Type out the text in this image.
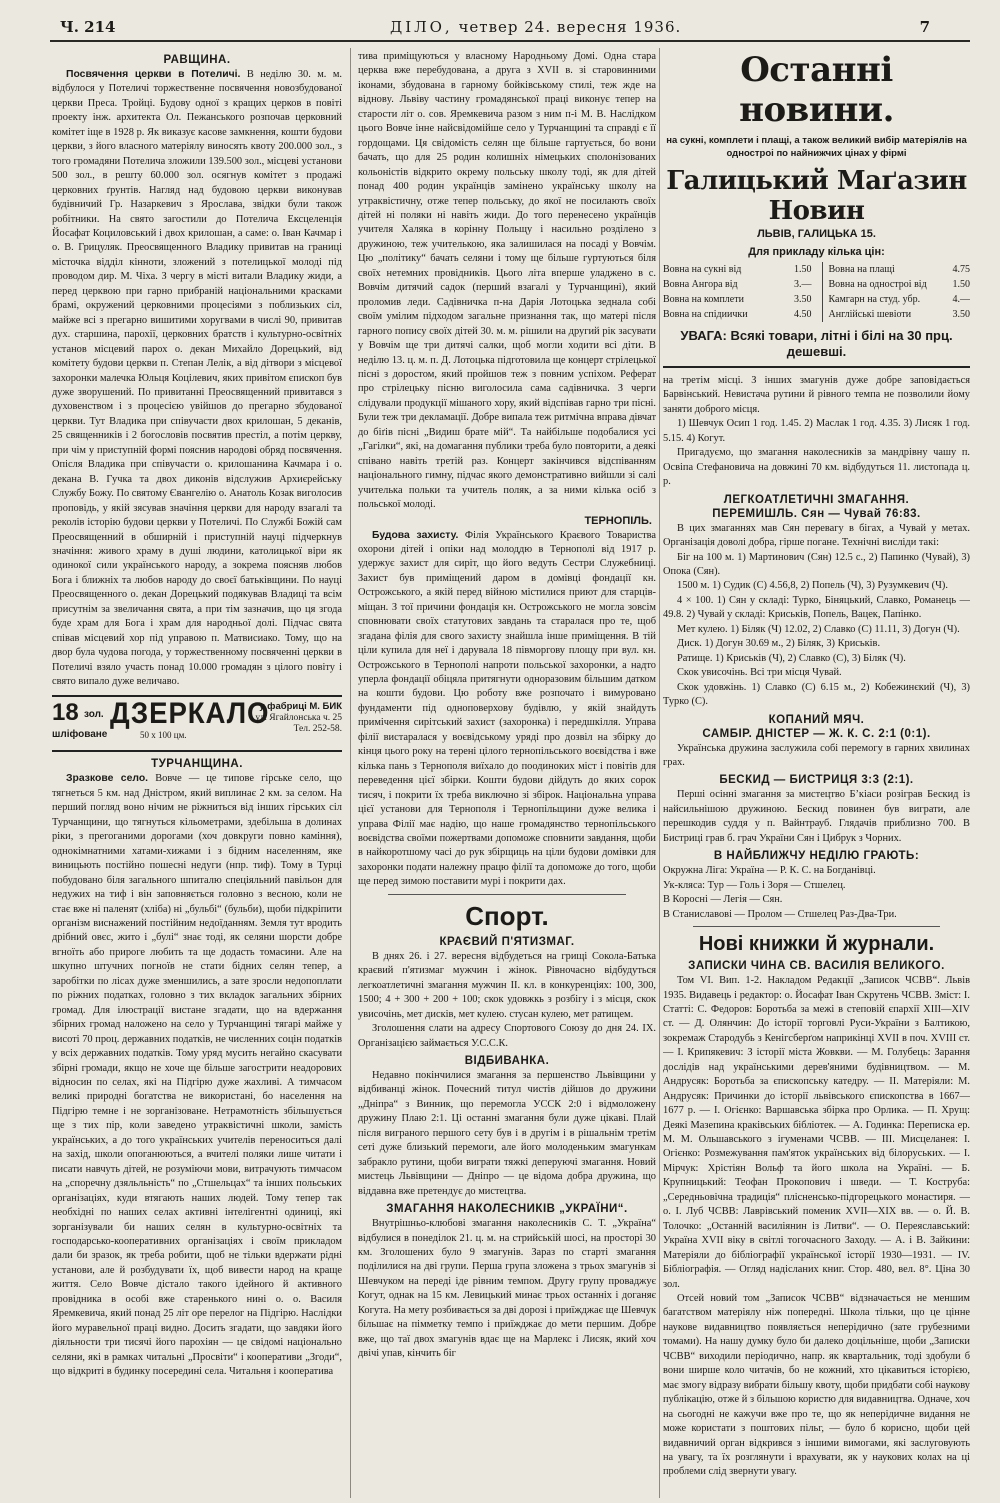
Ч. 214	ДІЛО, четвер 24. вересня 1936.	7
РАВЩИНА.

Посвячення церкви в Потеличі. В неділю 30. м. м. відбулося у Потеличі торжественне посвячення новозбудованої церкви Преса. Тройці. Будову одної з кращих церков в повіті проекту інж. архитекта Ол. Пежанського розпочав церковний комітет іще в 1928 р. Як виказує касове замкнення, кошти будови церкви, з його власного матеріялу виносять квоту 200.000 зол., з того громадяни Потелича зложили 139.500 зол., місцеві установи 500 зол., в решту 60.000 зол. осягнув комітет з продажі церковних ґрунтів. Нагляд над будовою церкви виконував будівничий Гр. Назаркевич з Ярослава, звідки були також робітники. На свято загостили до Потелича Ексцеленція Йосафат Коцилoвський і двох крилошан, а саме: о. Іван Качмар і о. В. Грицуляк. Преосвященного Владику привитав на границі місточка відділ кінноти, зложений з потелицької молоді під проводом дир. М. Чіха. З чергу в місті витали Владику жиди, а перед церквою при гарно прибраній національними красками брамі, окружений церковними процесіями з поблизьких сіл, майже всі з прегарно вишитими хоругвами в числі 90, привитав дух. старшина, парохії, церковних братств і культурно-освітніх установ місцевий парох о. декан Михайло Дорецький, від комітету будови церкви п. Степан Лелік, а від дітвори з місцевої захоронки малечка Юльця Коцілевич, яких привітом єпископ був дуже зворушений. По привитанні Преосвященний привитався з духовенством і з процесією увійшов до прегарно збудованої церкви. Тут Владика при співучасти двох крилошан, 5 деканів, 25 священників і 2 богословів посвятив престіл, а потім церкву, при чім у приступній формі пояснив народові обряд посвячення. Опісля Владика при співучасти о. крилошанина Качмара і о. декана В. Гучка та двох диконів відслужив Архиєрейську Службу Божу. По святому Євангелію о. Анатоль Козак виголосив проповідь, у якій зясував значіння церкви для народу взагалі та реколів історію будови церкви у Потеличі. По Службі Божій сам Преосвященний в обширній і приступній науці підчеркнув значіння: живого храму в душі людини, католицької віри як одинокої сили українського народу, а зокрема поясняв любов Бога і ближніх та любов народу до своєї батьківщини. По науці Преосвященного о. декан Дорецький подякував Владиці та всім присутнім за звеличання свята, а при тім зазначив, що ця згода буде храм для Бога і храм для народньої долі. Підчас свята співав місцевий хор під управою п. Матвисиако. Тому, що на двор була чудова погода, у торжественному посвяченні церкви в Потеличі взяло участь понад 10.000 громадян з цілого повіту і свято випало дуже величаво.

18 зол. ДЗЕРКАЛО
шліфоване	50 x 100 цм.
у фабриці М. БИК
ул. Ягайлонська ч. 25
Тел. 252-58.
ТУРЧАНЩИНА.

Зразкове село. Вовче — це типове гірське село, що тягнеться 5 км. над Дністром, який виплинає 2 км. за селом. На перший погляд воно нічим не ріжниться від інших гірських сіл Турчанщини, що тягнуться кільометрами, здебільша в долинах ріки, з прегоганими дорогами (хоч довкруги повно каміння), однокімнатними хатами-хижами і з бідним населенням, яке виницьють постійно пошесні недуги (нпр. тиф). Тому в Турці побудовано біля загального шпиталю спеціяльний павільон для недужих на тиф і він заповняється головно з весною, коли не стає вже ні паленят (хліба) ні „бульбі“ (бульби), щоби підкріпити організм виснажений постійним недоїданням. Земля тут вродить дрібний овєс, жито і „булі“ знає тоді, як селяни шорсти добре вгноїть або прироге любить та ще додасть томасини. Але на шкупно штучних погноїв не стати бідних селян тепер, а заробітки по лісах дуже зменшились, а зате зросли недопоплати по ріжних податках, головно з тих вкладок загальних збірних громад. Для ілюстрації вистане згадати, що на вдержання збірних громад наложено на село у Турчанщині тягарі майже у висоті 70 проц. державних податків, не численних соцін податків у всіх державних податків. Тому уряд мусить негайно скасувати збірні громади, якщо не хоче ще більше загострити неадорових відносин по селах, які на Підгірю дуже жахливі. А тимчасом великі природні богатства не використані, бо населення на Підгірю темне і не зорганізоване. Нетрамотність збільшується ще з тих пір, коли заведено утраквістичні школи, замість українських, а до того українських учителів переноситься далі на захід, школи опоганюються, а вчителі поляки лише читати і писати навчуть дітей, не розуміючи мови, витрачують тимчасом на „споречну дзяльльність“ по „Стшельцах“ та інших польських організаціях, куди втягають наших людей. Тому тепер так необхідні по наших селах активні інтелігентні одиниці, які зорганізували би наших селян в культурно-освітніх та господарсько-кооперативних організаціях і своїм прикладом дали би зразок, як треба робити, щоб не тільки вдержати рідні установи, але й розбудувати їх, щоб вивести народ на краще життя. Село Вовче дістало такого ідейного й активного провідника в особі вже старенького нині о. о. Василя Яремкевича, який понад 25 літ оре перелог на Підгірю. Наслідки його муравельної праці видно. Досить згадати, що завдяки його діяльности три тисячі його парохіян — це свідомі національно селяни, які в рамках читальні „Просвіти“ і кооперативи „Згоди“, що відкриті в будинку посередині села. Читальня і кооператива

тива приміщуються у власному Народньому Домі. Одна стара церква вже перебудована, а друга з XVII в. зі старовинними іконами, збудована в гарному бойківському стилі, теж жде на відновy. Львіву частину громадянської праці виконує тепер на старости літ о. сов. Яремкевича разом з ним п-і М. В. Наслідком цього Вовче інне найсвідомійше село у Турчанщині та справді є її гордощами. Ця свідомість селян ще більше гартується, бо вони бачать, що для 25 родин колишніх німецьких сполонізованих кольоністів відкрито окрему польську школу тоді, як для дітей понад 400 родин українців замінено українську школу на утраквістичну, отже тепер польську, до якої не посилають своїх дітей ні поляки ні навіть жиди. До того перенесено українців учителя Халяка в корінну Польщу і насильно розділено з дружиною, теж учителькою, яка залишилася на посаді у Вовчім. Цю „політику“ бачать селяни і тому ще більше гуртуються біля своїх нетемних провідників. Цього літа вперше уладжено в с. Вовчім дитячий садок (перший взагалі у Турчанщині), який проломив леди. Садівничка п-на Дарія Лотоцька зеднала собі своїм умілим підходом загальне признання так, що матері після гарного попису своїх дітей 30. м. м. рішили на другий рік засувати у Вовчім ще три дитячі салки, щоб могли ходити всі діти. В неділю 13. ц. м. п. Д. Лотоцька підготовила ще концерт стрілецької пісні з доростом, який пройшов теж з повним успіхом. Реферат про стрілецьку пісню виголосила сама садівничка. З черги слідували продукції мішаного хору, який відспівав гарно три пісні. Були теж три декламації. Добре випала теж ритмічна вправа дівчат до біґів пісні „Видиш брате мій“. Та найбільше подобалися усі „Гагілки“, які, на домагання публики треба було повторити, а деякі співано навіть третій раз. Концерт закінчився відспіванням національного гимну, підчас якого демонстративно вийшли зі салі учителька польки та учитель поляк, а за ними кілька осіб з польської молоді.

ТЕРНОПІЛЬ.

Будова захисту. Філія Українського Краєвого Товариства охорони дітей і опіки над молоддю в Тернополі від 1917 р. удержує захист для сиріт, що його ведуть Сестри Служебниці. Захист був приміщений даром в домівці фондації кн. Острожського, а якій перед війною містилися приют для старців-міщан. З тої причини фондація кн. Острожського не могла зовсім сповнювати своїх статутових завдань та старалася про те, щоб згадана філія для свого захисту знайшла інше приміщення. В тій ціли купила для неї і дарувала 18 півморгову площу при вул. кн. Острожського в Тернополі напроти польської захоронки, а надто уперла фондації обіцяла притягнути одноразовим більшим датком на кошти будови. Цю роботу вже розпочато і вимуровано фундаменти під одноповерховy будівлю, у якій знайдуть примічення сирітський захист (захоронка) і передшкілля. Управа філії вистаралася у воєвідському уряді про дозвіл на збірку до кінця цього року на терені цілого тернопільського воєвідства і вже кілька пань з Тернополя виїхало до поодиноких міст і повітів для переведення цієї збірки. Кошти будови дійдуть до яких сорок тисяч, і покрити їх треба виключно зі збірок. Національна управа цієї установи для Тернополя і Тернопільщини дуже велика і управа Філії має надію, що наше громадянство тернопільського воєвідства своїми пожертвами допоможе сповнити завдання, щоби в найкоротшому часі до рук збірщиць на ціли будови домівки для захоронки подати належну працю філії та допоможе до того, щоби ще перед зимою поставити мурі і покрити дах.

Спорт.
КРАЄВИЙ П'ЯТИЗМАГ.

В днях 26. і 27. вересня відбудеться на грищі Сокола-Батька краєвий п'ятизмаг мужчин і жінок. Рівночасно відбудуться легкоатлетичні змагання мужчин II. кл. в конкуренціях: 100, 300, 1500; 4 + 300 + 200 + 100; скок удовжкь з розбігу і з місця, скок увисочінь, мет дисків, мет кулею. стусан кулею, мет ратищем.

Зголошення слати на адресу Спортового Союзу до дня 24. IX. Організацією займається У.С.С.К.

ВІДБИВАНКА.

Недавно покінчилися змагання за першенство Львівщини у відбиванці жінок. Почесний титул чистів дійшов до дружини „Дніпра“ з Винник, що перемогла УССК 2:0 і відмоложену дружину Плаю 2:1. Ці останні змагання були дуже цікаві. Плай після виграного першого сету був і в другім і в рішальнім третім сеті дуже близький перемоги, але його молоденьким змагункам забракло рутини, щоби виграти тяжкі деперуючі змагання. Новий мистець Львівщини — Дніпро — це відома добра дружина, що віддавна вже претендує до мистецтва.

ЗМАГАННЯ НАКОЛЕСНИКІВ „УКРАЇНИ“.

Внутрішньо-клюбові змагання наколесників С. Т. „Україна“ відбулися в понеділок 21. ц. м. на стрийській шосі, на просторі 30 км. Зголошених було 9 змагунів. Зараз по старті змагання поділилися на дві групи. Перша група зложена з трьох змагунів зі Шевчуком на переді іде рівним темпом. Другу групу проваджує Когут, однак на 15 км. Левицький минає трьох останніх і доганяє Когута. На мету розбивається за дві дорозі і приїжджає ще Шевчук більшає на пімметку темпо і приїжджає до мети першим. Добре вже, що таї двох змагунів вдає ще на Марлекс і Лисяк, який хоч двічі упав, кінчить біг

Останні новини.
на сукні, комплети і плащі, а також великий вибір матеріялів на одностроі по найнижчих цінах у фірмі
Галицький Маґазин Новин
ЛЬВІВ, ГАЛИЦЬКА 15.
Для прикладу кілька цін:
Вовна на сукні від	1.50
Вовна Ангора від	3.—
Вовна на комплети	3.50
Вовна на спідиички	4.50
Вовна на плащі	4.75
Вовна на одностроі від	1.50
Камгарн на студ. убр.	4.—
Англійські шевіоти	3.50
УВАГА: Всякі товари, літні і білі на 30 прц. дешевші.

на третім місці. З інших змагунів дуже добре заповідається Барвінський. Невистача рутини й рівного темпа не позволили йому заняти доброго місця.

1) Шевчук Осип 1 год. 1.45. 2) Маслак 1 год. 4.35. 3) Лисяк 1 год. 5.15. 4) Когут.

Пригадуємо, що змагання наколесників за мандрівну чашу п. Освіпа Стефановича на довжині 70 км. відбудуться 11. листопада ц. р.

ЛЕГКОАТЛЕТИЧНІ ЗМАГАННЯ.
ПЕРЕМИШЛЬ. Сян — Чувай 76:83.

В цих змаганнях мав Сян перевагу в бігах, а Чувай у метах. Організація доволі добра, гірше погане. Технічні вислiди такі:

Біг на 100 м. 1) Мартинович (Сян) 12.5 с., 2) Папинко (Чувай), 3) Опока (Сян).

1500 м. 1) Судик (С) 4.56,8, 2) Попель (Ч), 3) Рузумкевич (Ч).

4 × 100. 1) Сян у складі: Турко, Біняцький, Славко, Романець — 49.8. 2) Чувай у складі: Криськів, Попель, Вацек, Папінко.

Мет кулею. 1) Біляк (Ч) 12.02, 2) Славко (С) 11.11, 3) Догун (Ч).

Диск. 1) Догун 30.69 м., 2) Біляк, 3) Криськів.

Ратище. 1) Криськів (Ч), 2) Славко (С), 3) Біляк (Ч).

Скок увисочінь. Всі три місця Чувай.

Скок удовжінь. 1) Славко (С) 6.15 м., 2) Кобежинєкий (Ч), 3) Турко (С).

КОПАНИЙ МЯЧ.
САМБІР. ДНІСТЕР — Ж. К. С. 2:1 (0:1).

Українська дружина заслужила собі перемогу в гарних хвилинах грах.

БЕСКИД — БИСТРИЦЯ 3:3 (2:1).

Перші осінні змагання за мистецтво Б’кіаси розіграв Бескид із найсильнішою дружиною. Бескид повинен був виграти, але перешкодив суддя у п. Вайнтрауб. Глядачів приблизно 700. В Бистриці грав б. грач України Сян і Цибрук з Чорних.

В НАЙБЛИЖЧУ НЕДІЛЮ ГРАЮТЬ:

Окружна Ліга: Україна — Р. К. С. на Богданівці.

Ук-клясa: Тур — Голь і Зоря — Стшелец.

В Коросні — Легія — Сян.

В Станиславові — Пролом — Стшелец Раз-Два-Три.

Нові книжки й журнали.
ЗАПИСКИ ЧИНА СВ. ВАСИЛІЯ ВЕЛИКОГО.

Том VI. Вип. 1-2. Накладом Редакції „Записок ЧСВВ“. Львів 1935. Видавець і редактор: о. Йосафат Іван Скрутень ЧСВВ. Зміст: I. Статті: С. Федоров: Боротьба за межі в степовій єпархії XIII—XIV ст. — Д. Олянчин: До історії торговлі Руси-України з Балтикою, зокремаж Стародубь з Кенігсберґом наприкінці XVII в поч. XVIII ст. — I. Крипякевич: З історії міста Жовкви. — М. Голубець: Зарання дослідів над українськими дерев'яними будівництвом. — М. Андрусяк: Боротьба за єпископську катедру. — II. Матеріяли: М. Андрусяк: Причинки до історії львівського єпископства в 1667—1677 р. — I. Огієнко: Варшавська збірка про Орлика. — П. Хрущ: Деякі Мазепина краківських бібліотек. — А. Годинка: Переписка ep. М. М. Ольшавського з ігуменами ЧСВВ. — III. Мисцеланея: I. Огієнко: Розмежування пам'яток українських від білоруських. — I. Мірчук: Хрістіян Вольф та його школа на Україні. — Б. Крупницький: Теофан Прокопович і шведи. — Т. Коструба: „Середньовічна традиція“ плісненсько-підгорецького монастиря. — о. I. Луб ЧСВВ: Лаврівський поменик XVII—XIX вв. — о. Й. В. Толочко: „Останній василіянин із Литви“. — О. Переяславський: Україна XVII віку в світлі тогочасного Заходу. — А. і В. Зайкини: Матеріяли до бібліографії української історії 1930—1931. — IV. Бібліографія. — Огляд надісланих книг. Стор. 480, вел. 8°. Ціна 30 зол.

Отсей новий том „Записок ЧСВВ“ відзначається не меншим багатством матеріялу ніж попередні. Школа тільки, що це цінне наукове видавництво появляється неперідично (зате грубезними томами). На нашу думку було би далеко доцільніше, щоби „Записки ЧСВВ“ виходили періодично, напр. як квартальник, тоді здобули б вони ширше коло читачів, бо не кожний, хто цікавиться історією, має змогу відразу вибрати більшу квоту, щоби придбати собі наукову публікацію, отже й з більшою користю для видавництва. Одначе, хоч на сьогодні не кажучи вже про те, що як неперідичне видання не може користати з поштових пільг, — було б корисно, щоби цей видавничий орган відкрився з іншими вимогами, які заслуговують на увагу, та їх розглянути і врахувати, як у наукових колах на ці проблеми слід звернути увагу.
